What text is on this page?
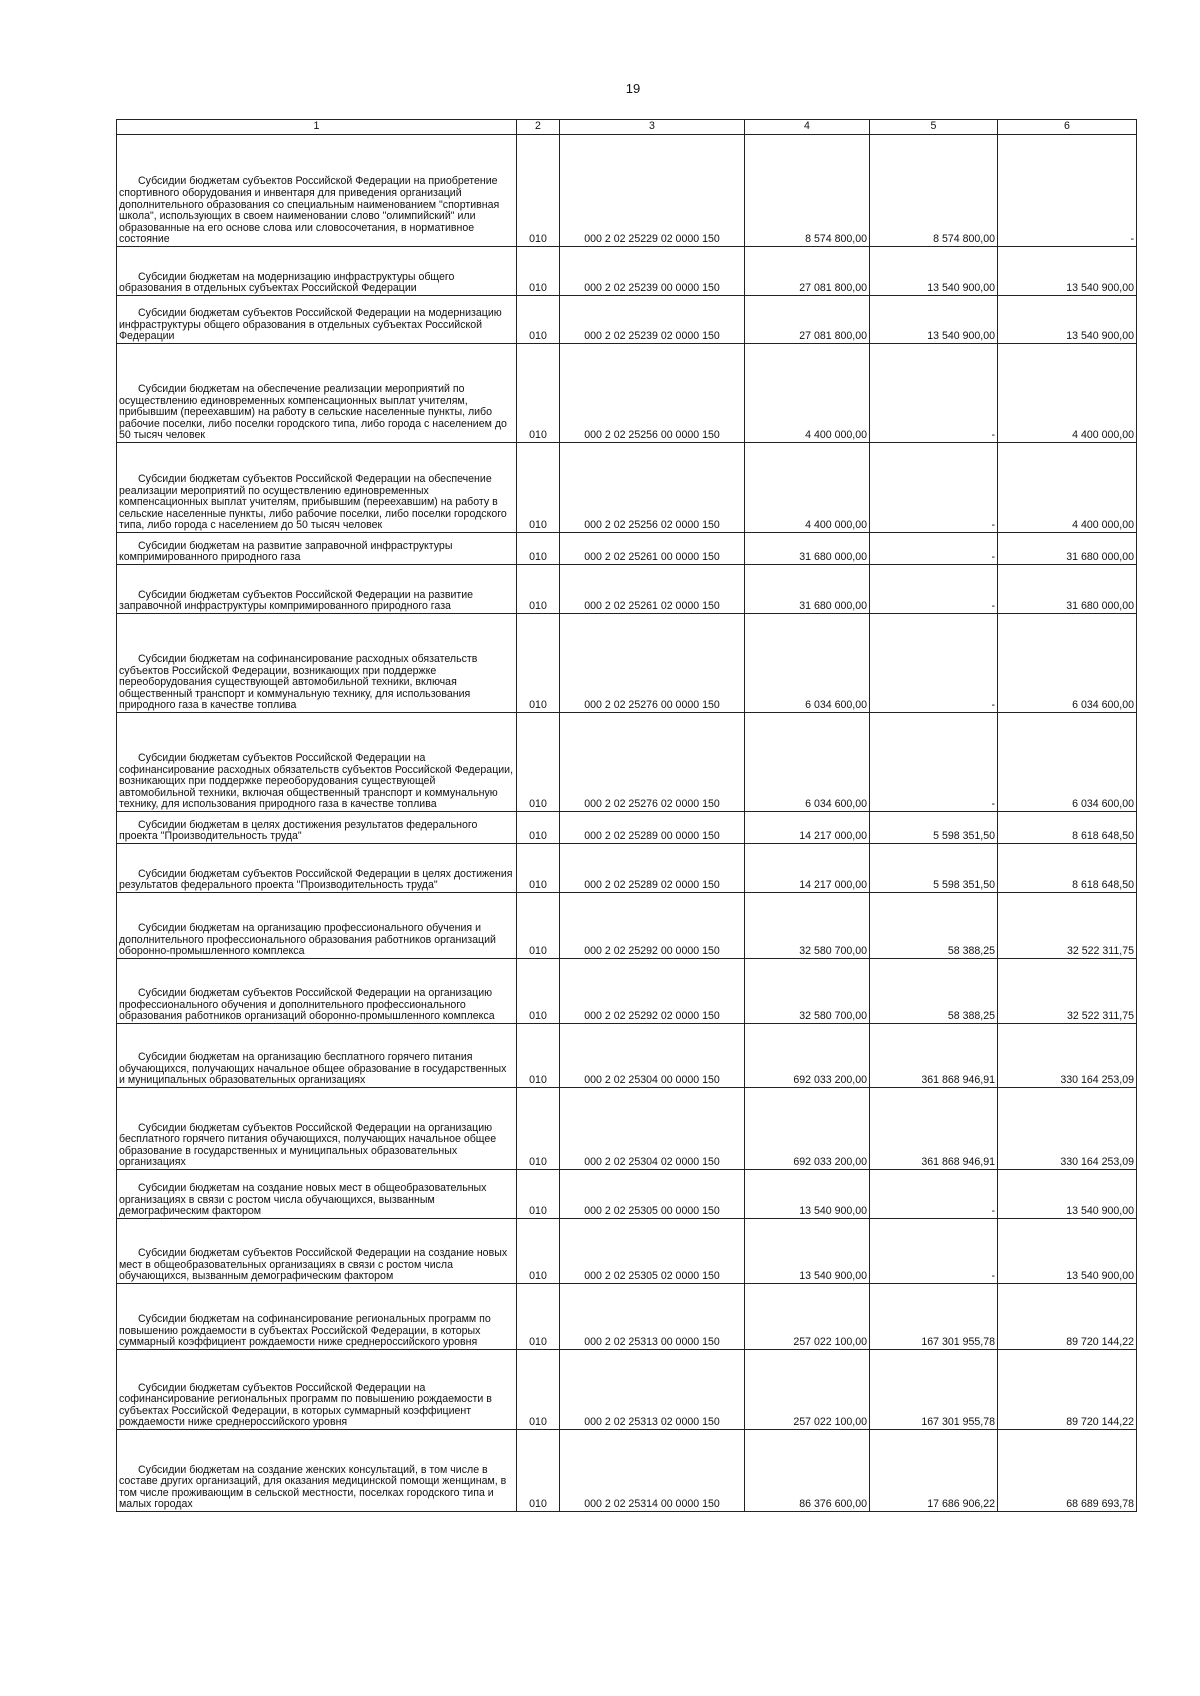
19
1	2	3	4	5	6
Субсидии бюджетам субъектов Российской Федерации на приобретение спортивного оборудования и инвентаря для приведения организаций дополнительного образования со специальным наименованием "спортивная школа", использующих в своем наименовании слово "олимпийский" или образованные на его основе слова или словосочетания, в нормативное состояние	010	000 2 02 25229 02 0000 150	8 574 800,00	8 574 800,00	-
Субсидии бюджетам на модернизацию инфраструктуры общего образования в отдельных субъектах Российской Федерации	010	000 2 02 25239 00 0000 150	27 081 800,00	13 540 900,00	13 540 900,00
Субсидии бюджетам субъектов Российской Федерации на модернизацию инфраструктуры общего образования в отдельных субъектах Российской Федерации	010	000 2 02 25239 02 0000 150	27 081 800,00	13 540 900,00	13 540 900,00
Субсидии бюджетам на обеспечение реализации мероприятий по осуществлению единовременных компенсационных выплат учителям, прибывшим (переехавшим) на работу в сельские населенные пункты, либо рабочие поселки, либо поселки городского типа, либо города с населением до 50 тысяч человек	010	000 2 02 25256 00 0000 150	4 400 000,00	-	4 400 000,00
Субсидии бюджетам субъектов Российской Федерации на обеспечение реализации мероприятий по осуществлению единовременных компенсационных выплат учителям, прибывшим (переехавшим) на работу в сельские населенные пункты, либо рабочие поселки, либо поселки городского типа, либо города с населением до 50 тысяч человек	010	000 2 02 25256 02 0000 150	4 400 000,00	-	4 400 000,00
Субсидии бюджетам на развитие заправочной инфраструктуры компримированного природного газа	010	000 2 02 25261 00 0000 150	31 680 000,00	-	31 680 000,00
Субсидии бюджетам субъектов Российской Федерации на развитие заправочной инфраструктуры компримированного природного газа	010	000 2 02 25261 02 0000 150	31 680 000,00	-	31 680 000,00
Субсидии бюджетам на софинансирование расходных обязательств субъектов Российской Федерации, возникающих при поддержке переоборудования существующей автомобильной техники, включая общественный транспорт и коммунальную технику, для использования природного газа в качестве топлива	010	000 2 02 25276 00 0000 150	6 034 600,00	-	6 034 600,00
Субсидии бюджетам субъектов Российской Федерации на софинансирование расходных обязательств субъектов Российской Федерации, возникающих при поддержке переоборудования существующей автомобильной техники, включая общественный транспорт и коммунальную технику, для использования природного газа в качестве топлива	010	000 2 02 25276 02 0000 150	6 034 600,00	-	6 034 600,00
Субсидии бюджетам в целях достижения результатов федерального проекта "Производительность труда"	010	000 2 02 25289 00 0000 150	14 217 000,00	5 598 351,50	8 618 648,50
Субсидии бюджетам субъектов Российской Федерации в целях достижения результатов федерального проекта "Производительность труда"	010	000 2 02 25289 02 0000 150	14 217 000,00	5 598 351,50	8 618 648,50
Субсидии бюджетам на организацию профессионального обучения и дополнительного профессионального образования работников организаций оборонно-промышленного комплекса	010	000 2 02 25292 00 0000 150	32 580 700,00	58 388,25	32 522 311,75
Субсидии бюджетам субъектов Российской Федерации на организацию профессионального обучения и дополнительного профессионального образования работников организаций оборонно-промышленного комплекса	010	000 2 02 25292 02 0000 150	32 580 700,00	58 388,25	32 522 311,75
Субсидии бюджетам на организацию бесплатного горячего питания обучающихся, получающих начальное общее образование в государственных и муниципальных образовательных организациях	010	000 2 02 25304 00 0000 150	692 033 200,00	361 868 946,91	330 164 253,09
Субсидии бюджетам субъектов Российской Федерации на организацию бесплатного горячего питания обучающихся, получающих начальное общее образование в государственных и муниципальных образовательных организациях	010	000 2 02 25304 02 0000 150	692 033 200,00	361 868 946,91	330 164 253,09
Субсидии бюджетам на создание новых мест в общеобразовательных организациях в связи с ростом числа обучающихся, вызванным демографическим фактором	010	000 2 02 25305 00 0000 150	13 540 900,00	-	13 540 900,00
Субсидии бюджетам субъектов Российской Федерации на создание новых мест в общеобразовательных организациях в связи с ростом числа обучающихся, вызванным демографическим фактором	010	000 2 02 25305 02 0000 150	13 540 900,00	-	13 540 900,00
Субсидии бюджетам на софинансирование региональных программ по повышению рождаемости в субъектах Российской Федерации, в которых суммарный коэффициент рождаемости ниже среднероссийского уровня	010	000 2 02 25313 00 0000 150	257 022 100,00	167 301 955,78	89 720 144,22
Субсидии бюджетам субъектов Российской Федерации на софинансирование региональных программ по повышению рождаемости в субъектах Российской Федерации, в которых суммарный коэффициент рождаемости ниже среднероссийского уровня	010	000 2 02 25313 02 0000 150	257 022 100,00	167 301 955,78	89 720 144,22
Субсидии бюджетам на создание женских консультаций, в том числе в составе других организаций, для оказания медицинской помощи женщинам, в том числе проживающим в сельской местности, поселках городского типа и малых городах	010	000 2 02 25314 00 0000 150	86 376 600,00	17 686 906,22	68 689 693,78
